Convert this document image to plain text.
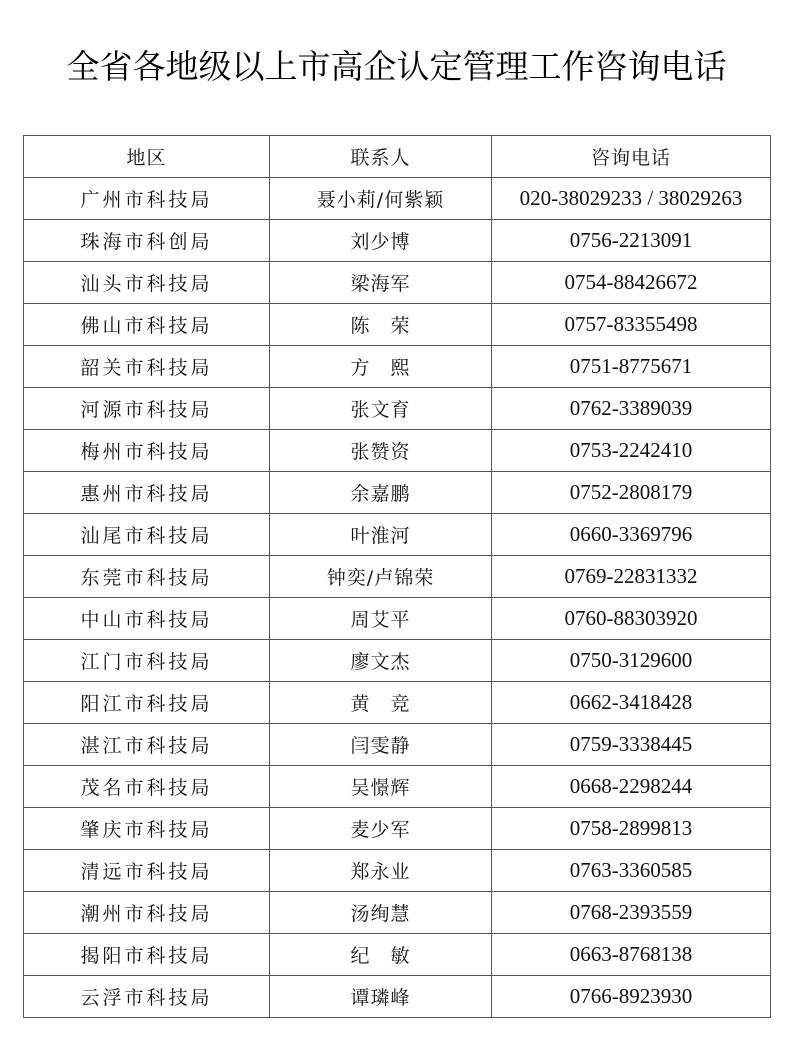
全省各地级以上市高企认定管理工作咨询电话
地区	联系人	咨询电话
广州市科技局	聂小莉/何紫颖	020-38029233 / 38029263
珠海市科创局	刘少博	0756-2213091
汕头市科技局	梁海军	0754-88426672
佛山市科技局	陈　荣	0757-83355498
韶关市科技局	方　熙	0751-8775671
河源市科技局	张文育	0762-3389039
梅州市科技局	张赞资	0753-2242410
惠州市科技局	余嘉鹏	0752-2808179
汕尾市科技局	叶淮河	0660-3369796
东莞市科技局	钟奕/卢锦荣	0769-22831332
中山市科技局	周艾平	0760-88303920
江门市科技局	廖文杰	0750-3129600
阳江市科技局	黄　竞	0662-3418428
湛江市科技局	闫雯静	0759-3338445
茂名市科技局	吴憬辉	0668-2298244
肇庆市科技局	麦少军	0758-2899813
清远市科技局	郑永业	0763-3360585
潮州市科技局	汤绚慧	0768-2393559
揭阳市科技局	纪　敏	0663-8768138
云浮市科技局	谭璘峰	0766-8923930
